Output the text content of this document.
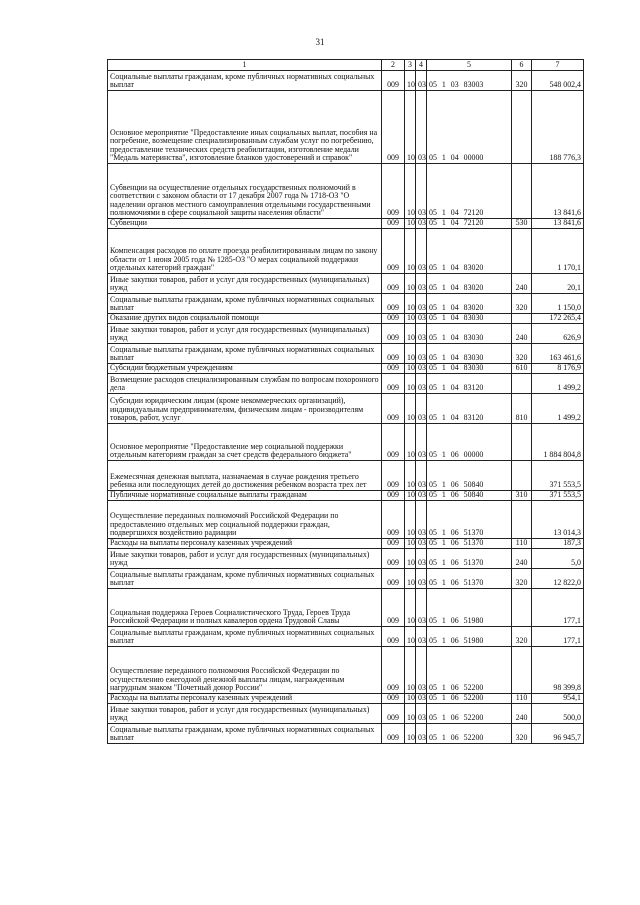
31
1	2	3	4	5	6	7
Социальные выплаты гражданам, кроме публичных нормативных социальных выплат	009	10	03	05 1 03 83003	320	548 002,4
Основное мероприятие "Предоставление иных социальных выплат, пособия на погребение, возмещение специализированным службам услуг по погребению, предоставление технических средств реабилитации, изготовление медали "Медаль материнства", изготовление бланков удостоверений и справок"	009	10	03	05 1 04 00000		188 776,3
Субвенции на осуществление отдельных государственных полномочий в соответствии с законом области от 17 декабря 2007 года № 1718-ОЗ "О наделении органов местного самоуправления отдельными государственными полномочиями в сфере социальной защиты населения области"	009	10	03	05 1 04 72120		13 841,6
Субвенции	009	10	03	05 1 04 72120	530	13 841,6
Компенсация расходов по оплате проезда реабилитированным лицам по закону области от 1 июня 2005 года № 1285-ОЗ "О мерах социальной поддержки отдельных категорий граждан"	009	10	03	05 1 04 83020		1 170,1
Иные закупки товаров, работ и услуг для государственных (муниципальных) нужд	009	10	03	05 1 04 83020	240	20,1
Социальные выплаты гражданам, кроме публичных нормативных социальных выплат	009	10	03	05 1 04 83020	320	1 150,0
Оказание других видов социальной помощи	009	10	03	05 1 04 83030		172 265,4
Иные закупки товаров, работ и услуг для государственных (муниципальных) нужд	009	10	03	05 1 04 83030	240	626,9
Социальные выплаты гражданам, кроме публичных нормативных социальных выплат	009	10	03	05 1 04 83030	320	163 461,6
Субсидии бюджетным учреждениям	009	10	03	05 1 04 83030	610	8 176,9
Возмещение расходов специализированным службам по вопросам похоронного дела	009	10	03	05 1 04 83120		1 499,2
Субсидии юридическим лицам (кроме некоммерческих организаций), индивидуальным предпринимателям, физическим лицам - производителям товаров, работ, услуг	009	10	03	05 1 04 83120	810	1 499,2
Основное мероприятие "Предоставление мер социальной поддержки отдельным категориям граждан за счет средств федерального бюджета"	009	10	03	05 1 06 00000		1 884 804,8
Ежемесячная денежная выплата, назначаемая в случае рождения третьего ребенка или последующих детей до достижения ребенком возраста трех лет	009	10	03	05 1 06 50840		371 553,5
Публичные нормативные социальные выплаты гражданам	009	10	03	05 1 06 50840	310	371 553,5
Осуществление переданных полномочий Российской Федерации по предоставлению отдельных мер социальной поддержки граждан, подвергшихся воздействию радиации	009	10	03	05 1 06 51370		13 014,3
Расходы на выплаты персоналу казенных учреждений	009	10	03	05 1 06 51370	110	187,3
Иные закупки товаров, работ и услуг для государственных (муниципальных) нужд	009	10	03	05 1 06 51370	240	5,0
Социальные выплаты гражданам, кроме публичных нормативных социальных выплат	009	10	03	05 1 06 51370	320	12 822,0
Социальная поддержка Героев Социалистического Труда, Героев Труда Российской Федерации и полных кавалеров ордена Трудовой Славы	009	10	03	05 1 06 51980		177,1
Социальные выплаты гражданам, кроме публичных нормативных социальных выплат	009	10	03	05 1 06 51980	320	177,1
Осуществление переданного полномочия Российской Федерации по осуществлению ежегодной денежной выплаты лицам, награжденным нагрудным знаком "Почетный донор России"	009	10	03	05 1 06 52200		98 399,8
Расходы на выплаты персоналу казенных учреждений	009	10	03	05 1 06 52200	110	954,1
Иные закупки товаров, работ и услуг для государственных (муниципальных) нужд	009	10	03	05 1 06 52200	240	500,0
Социальные выплаты гражданам, кроме публичных нормативных социальных выплат	009	10	03	05 1 06 52200	320	96 945,7
